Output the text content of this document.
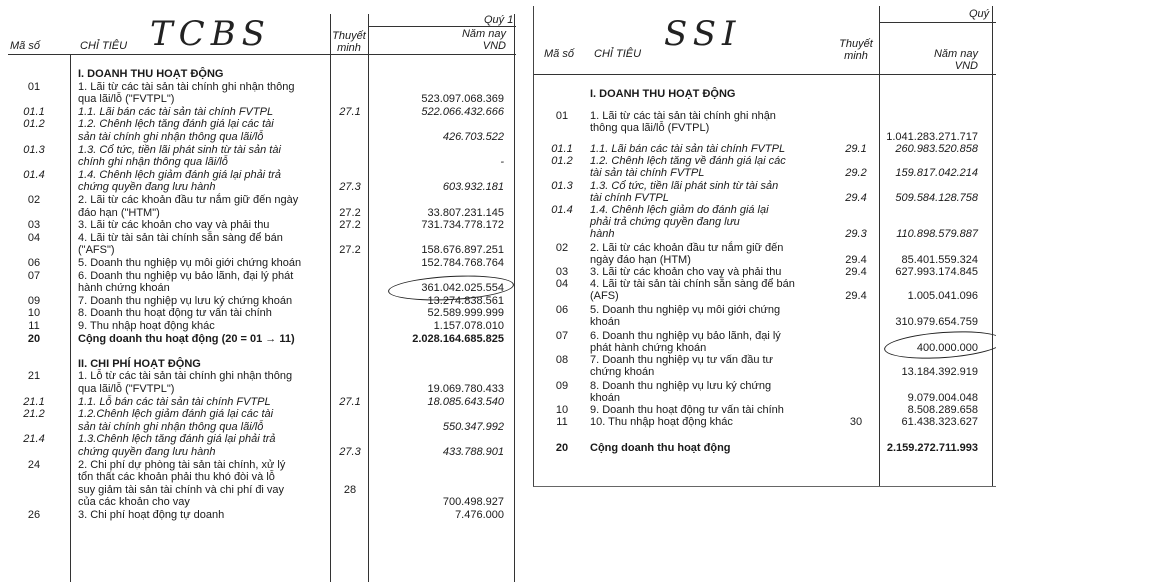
TCBS	Quý 1
Mã số	CHỈ TIÊU
Thuyết minh
Năm nay VND
I. DOANH THU HOẠT ĐỘNG
01	1. Lãi từ các tài sản tài chính ghi nhận thông
qua lãi/lỗ ("FVTPL")	523.097.068.369
01.1	1.1. Lãi bán các tài sản tài chính FVTPL	27.1	522.066.432.666
01.2	1.2. Chênh lệch tăng đánh giá lại các tài
sản tài chính ghi nhận thông qua lãi/lỗ	426.703.522
01.3	1.3. Cổ tức, tiền lãi phát sinh từ tài sản tài
chính ghi nhận thông qua lãi/lỗ	-
01.4	1.4. Chênh lệch giảm đánh giá lại phải trả
chứng quyền đang lưu hành	27.3	603.932.181
02	2. Lãi từ các khoản đầu tư nắm giữ đến ngày
đáo hạn ("HTM")	27.2	33.807.231.145
03	3. Lãi từ các khoản cho vay và phải thu	27.2	731.734.778.172
04	4. Lãi từ tài sản tài chính sẵn sàng để bán
("AFS")	27.2	158.676.897.251
06	5. Doanh thu nghiệp vụ môi giới chứng khoán	152.784.768.764
07	6. Doanh thu nghiệp vụ bảo lãnh, đại lý phát
hành chứng khoán	361.042.025.554
09	7. Doanh thu nghiệp vụ lưu ký chứng khoán	13.274.838.561
10	8. Doanh thu hoạt động tư vấn tài chính	52.589.999.999
11	9. Thu nhập hoạt động khác	1.157.078.010
20	Cộng doanh thu hoạt động (20 = 01 → 11)	2.028.164.685.825
II. CHI PHÍ HOẠT ĐỘNG
21	1. Lỗ từ các tài sản tài chính ghi nhận thông
qua lãi/lỗ ("FVTPL")	19.069.780.433
21.1	1.1. Lỗ bán các tài sản tài chính FVTPL	27.1	18.085.643.540
21.2	1.2.Chênh lệch giảm đánh giá lại các tài
sản tài chính ghi nhận thông qua lãi/lỗ	550.347.992
21.4	1.3.Chênh lệch tăng đánh giá lại phải trả
chứng quyền đang lưu hành	27.3	433.788.901
24	2. Chi phí dự phòng tài sản tài chính, xử lý
tổn thất các khoản phải thu khó đòi và lỗ
suy giảm tài sản tài chính và chi phí đi vay	28
của các khoản cho vay	700.498.927
26	3. Chi phí hoạt động tự doanh	7.476.000
SSI	Quý
Mã số CHỈ TIÊU
Thuyết minh	Năm nay VND
I. DOANH THU HOẠT ĐỘNG
01	1. Lãi từ các tài sản tài chính ghi nhận
thông qua lãi/lỗ (FVTPL)
1.041.283.271.717
01.1	1.1. Lãi bán các tài sản tài chính FVTPL	29.1	260.983.520.858
01.2	1.2. Chênh lệch tăng về đánh giá lại các
tài sản tài chính FVTPL	29.2	159.817.042.214
01.3	1.3. Cổ tức, tiền lãi phát sinh từ tài sản
tài chính FVTPL	29.4	509.584.128.758
01.4	1.4. Chênh lệch giảm do đánh giá lại
phải trả chứng quyền đang lưu
hành	29.3	110.898.579.887
02	2. Lãi từ các khoản đầu tư nắm giữ đến
ngày đáo hạn (HTM)	29.4	85.401.559.324
03	3. Lãi từ các khoản cho vay và phải thu	29.4	627.993.174.845
04	4. Lãi từ tài sản tài chính sẵn sàng để bán
(AFS)	29.4	1.005.041.096
06	5. Doanh thu nghiệp vụ môi giới chứng
khoán	310.979.654.759
07	6. Doanh thu nghiệp vụ bảo lãnh, đại lý
phát hành chứng khoán	400.000.000
08	7. Doanh thu nghiệp vụ tư vấn đầu tư
chứng khoán	13.184.392.919
09	8. Doanh thu nghiệp vụ lưu ký chứng
khoán	9.079.004.048
10	9. Doanh thu hoạt động tư vấn tài chính	8.508.289.658
11	10. Thu nhập hoạt động khác	30	61.438.323.627
20	Cộng doanh thu hoạt động	2.159.272.711.993
